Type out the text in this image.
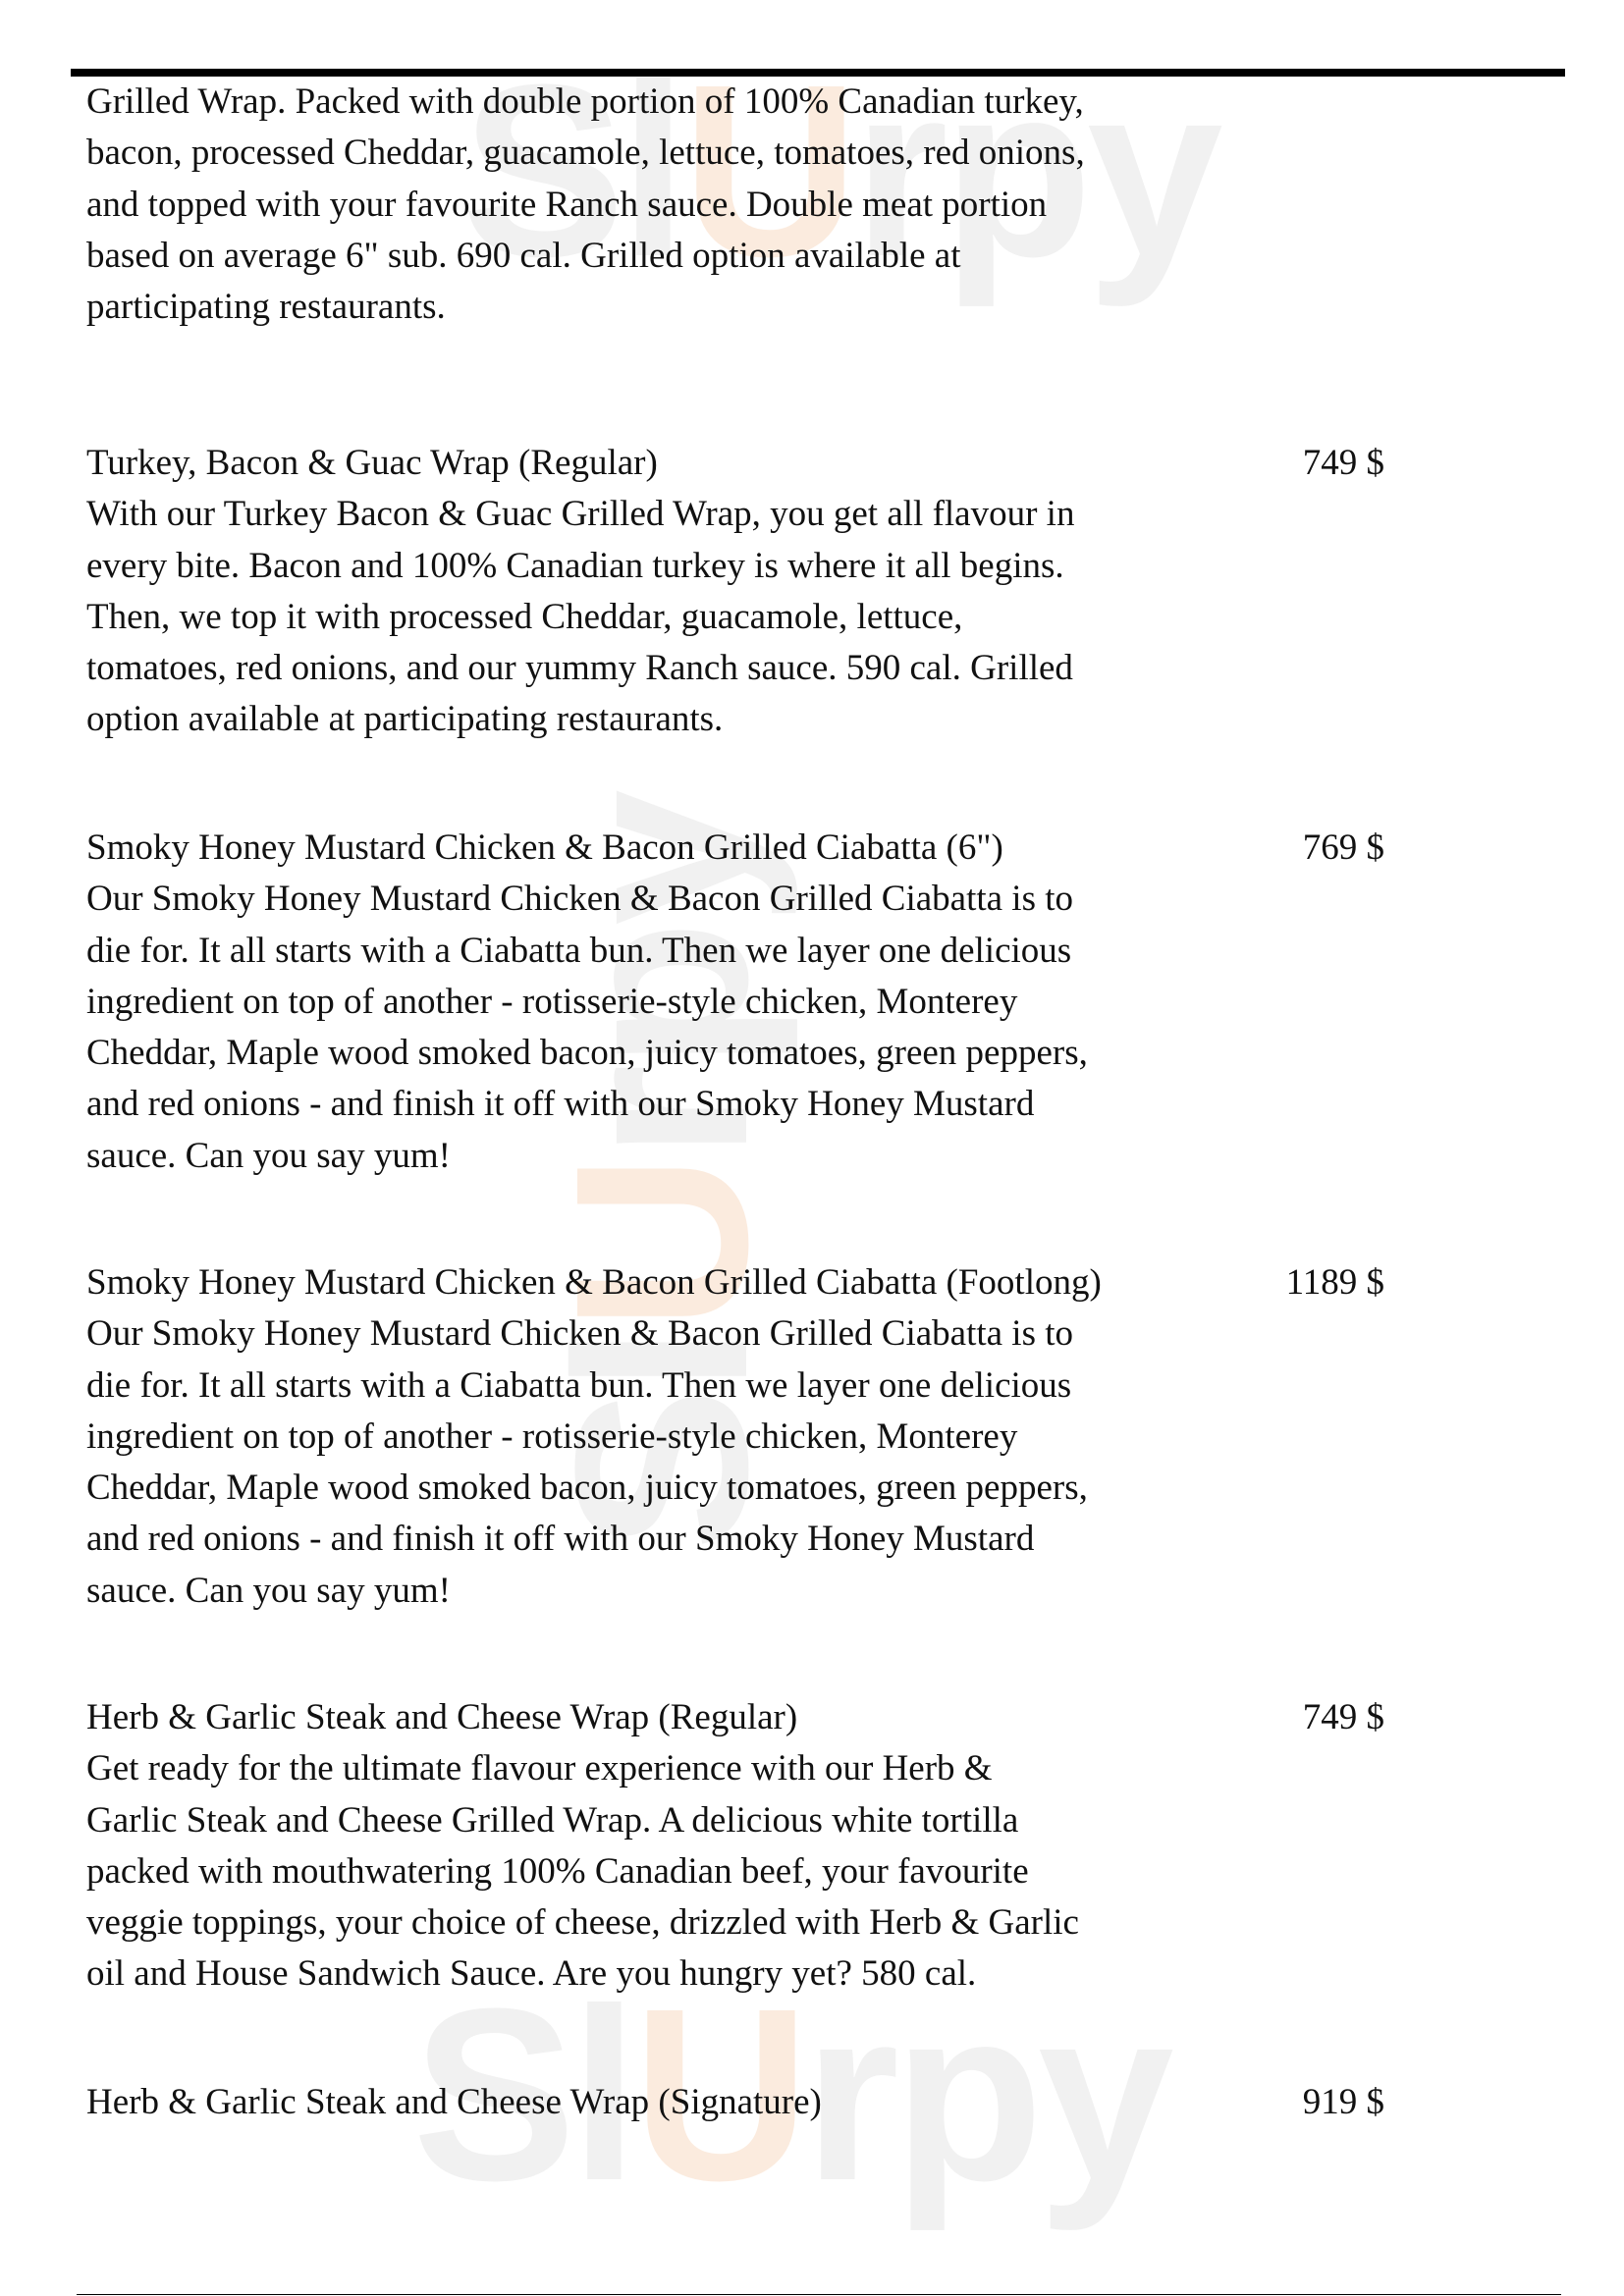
SlUrpy
SlUrpy
SlUrpy
Grilled Wrap. Packed with double portion of 100% Canadian turkey,
bacon, processed Cheddar, guacamole, lettuce, tomatoes, red onions,
and topped with your favourite Ranch sauce. Double meat portion
based on average 6" sub. 690 cal. Grilled option available at
participating restaurants.
Turkey, Bacon & Guac Wrap (Regular)	749 $
With our Turkey Bacon & Guac Grilled Wrap, you get all flavour in
every bite. Bacon and 100% Canadian turkey is where it all begins.
Then, we top it with processed Cheddar, guacamole, lettuce,
tomatoes, red onions, and our yummy Ranch sauce. 590 cal. Grilled
option available at participating restaurants.
Smoky Honey Mustard Chicken & Bacon Grilled Ciabatta (6")	769 $
Our Smoky Honey Mustard Chicken & Bacon Grilled Ciabatta is to
die for. It all starts with a Ciabatta bun. Then we layer one delicious
ingredient on top of another - rotisserie-style chicken, Monterey
Cheddar, Maple wood smoked bacon, juicy tomatoes, green peppers,
and red onions - and finish it off with our Smoky Honey Mustard
sauce. Can you say yum!
Smoky Honey Mustard Chicken & Bacon Grilled Ciabatta (Footlong)	1189 $
Our Smoky Honey Mustard Chicken & Bacon Grilled Ciabatta is to
die for. It all starts with a Ciabatta bun. Then we layer one delicious
ingredient on top of another - rotisserie-style chicken, Monterey
Cheddar, Maple wood smoked bacon, juicy tomatoes, green peppers,
and red onions - and finish it off with our Smoky Honey Mustard
sauce. Can you say yum!
Herb & Garlic Steak and Cheese Wrap (Regular)	749 $
Get ready for the ultimate flavour experience with our Herb &
Garlic Steak and Cheese Grilled Wrap. A delicious white tortilla
packed with mouthwatering 100% Canadian beef, your favourite
veggie toppings, your choice of cheese, drizzled with Herb & Garlic
oil and House Sandwich Sauce. Are you hungry yet? 580 cal.
Herb & Garlic Steak and Cheese Wrap (Signature)	919 $
